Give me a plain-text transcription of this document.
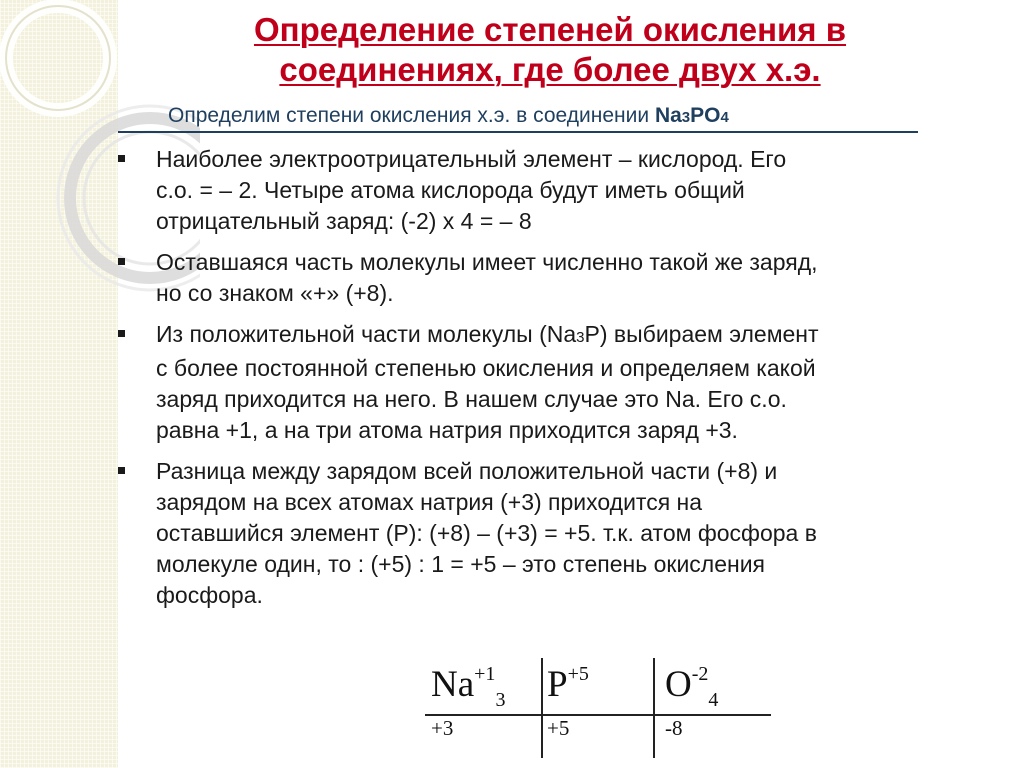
Определение степеней окисления в
соединениях, где более двух х.э.
Определим степени окисления х.э. в соединении Na3PO4
Наиболее электроотрицательный элемент – кислород. Его
с.о. = – 2. Четыре атома кислорода будут иметь общий
отрицательный заряд: (-2) х 4 = – 8
Оставшаяся часть молекулы имеет численно такой же заряд,
но со знаком «+» (+8).
Из положительной части молекулы (Na3P) выбираем элемент
с более постоянной степенью окисления и определяем какой
заряд приходится на него. В нашем случае это Na. Его с.о.
равна +1, а на три атома натрия приходится заряд +3.
Разница между зарядом всей положительной части (+8) и
зарядом на всех атомах натрия (+3) приходится на
оставшийся элемент (Р): (+8) – (+3) = +5. т.к. атом фосфора в
молекуле один, то : (+5) : 1 = +5 – это степень окисления
фосфора.
$Na^{+1}_3$ $P^{+5}$ $O^{-2}_4$
+3	+5	-8
